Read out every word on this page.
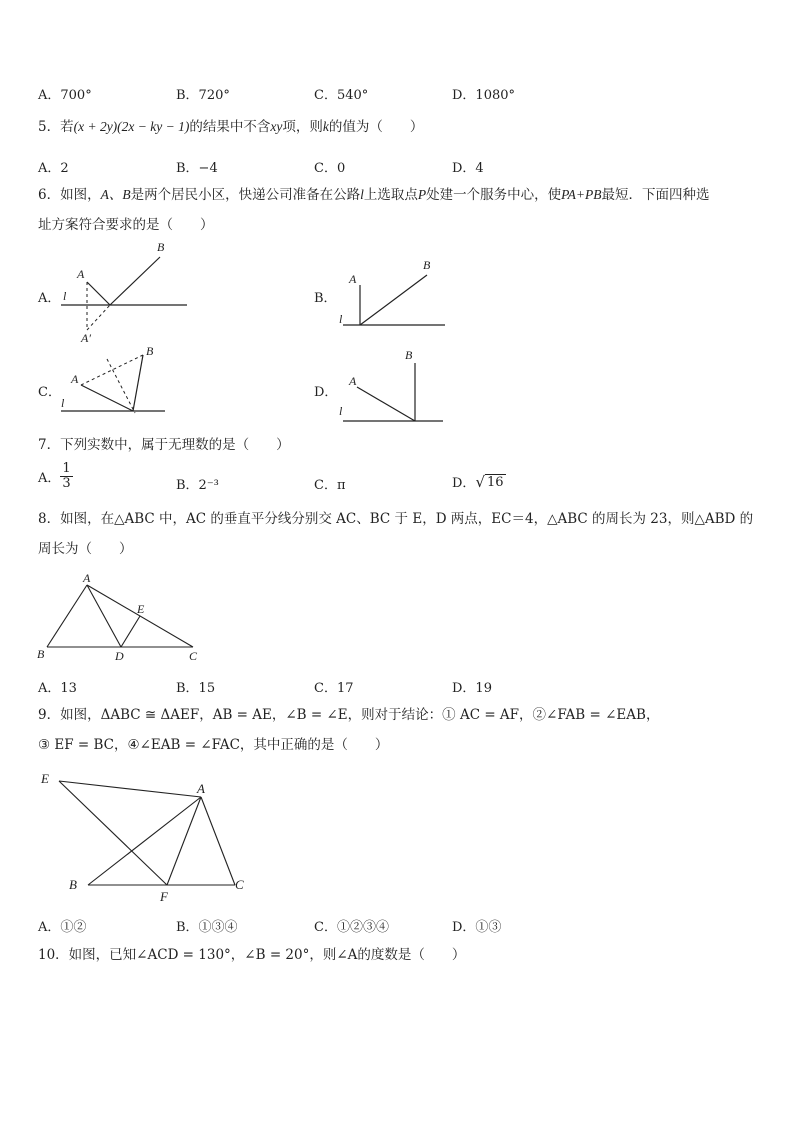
A．700°	B．720°	C．540°	D．1080°
5．若(x + 2y)(2x − ky − 1)的结果中不含xy项，则k的值为（　　）
A．2	B．−4	C．0	D．4
6．如图，A、B是两个居民小区，快递公司准备在公路l上选取点P处建一个服务中心，使PA+PB最短．下面四种选
址方案符合要求的是（　　）
A．
A
B
l
A′
B．
A
B
l
C．
A
B
l
D．
A
B
l
7．下列实数中，属于无理数的是（　　）
A． $\frac{1}{3}$	B．2⁻³	C．π	D． √ 16
8．如图，在△ABC 中，AC 的垂直平分线分别交 AC、BC 于 E，D 两点，EC＝4，△ABC 的周长为 23，则△ABD 的
周长为（　　）
A
B	C
D
E
A．13	B．15	C．17	D．19
9．如图，ΔABC ≅ ΔAEF，AB = AE，∠B = ∠E，则对于结论：① AC = AF，②∠FAB = ∠EAB，
③ EF = BC，④∠EAB = ∠FAC，其中正确的是（　　）
E
A
B
F
C
A．①②	B．①③④	C．①②③④	D．①③
10．如图，已知∠ACD = 130°，∠B = 20°，则∠A的度数是（　　）
